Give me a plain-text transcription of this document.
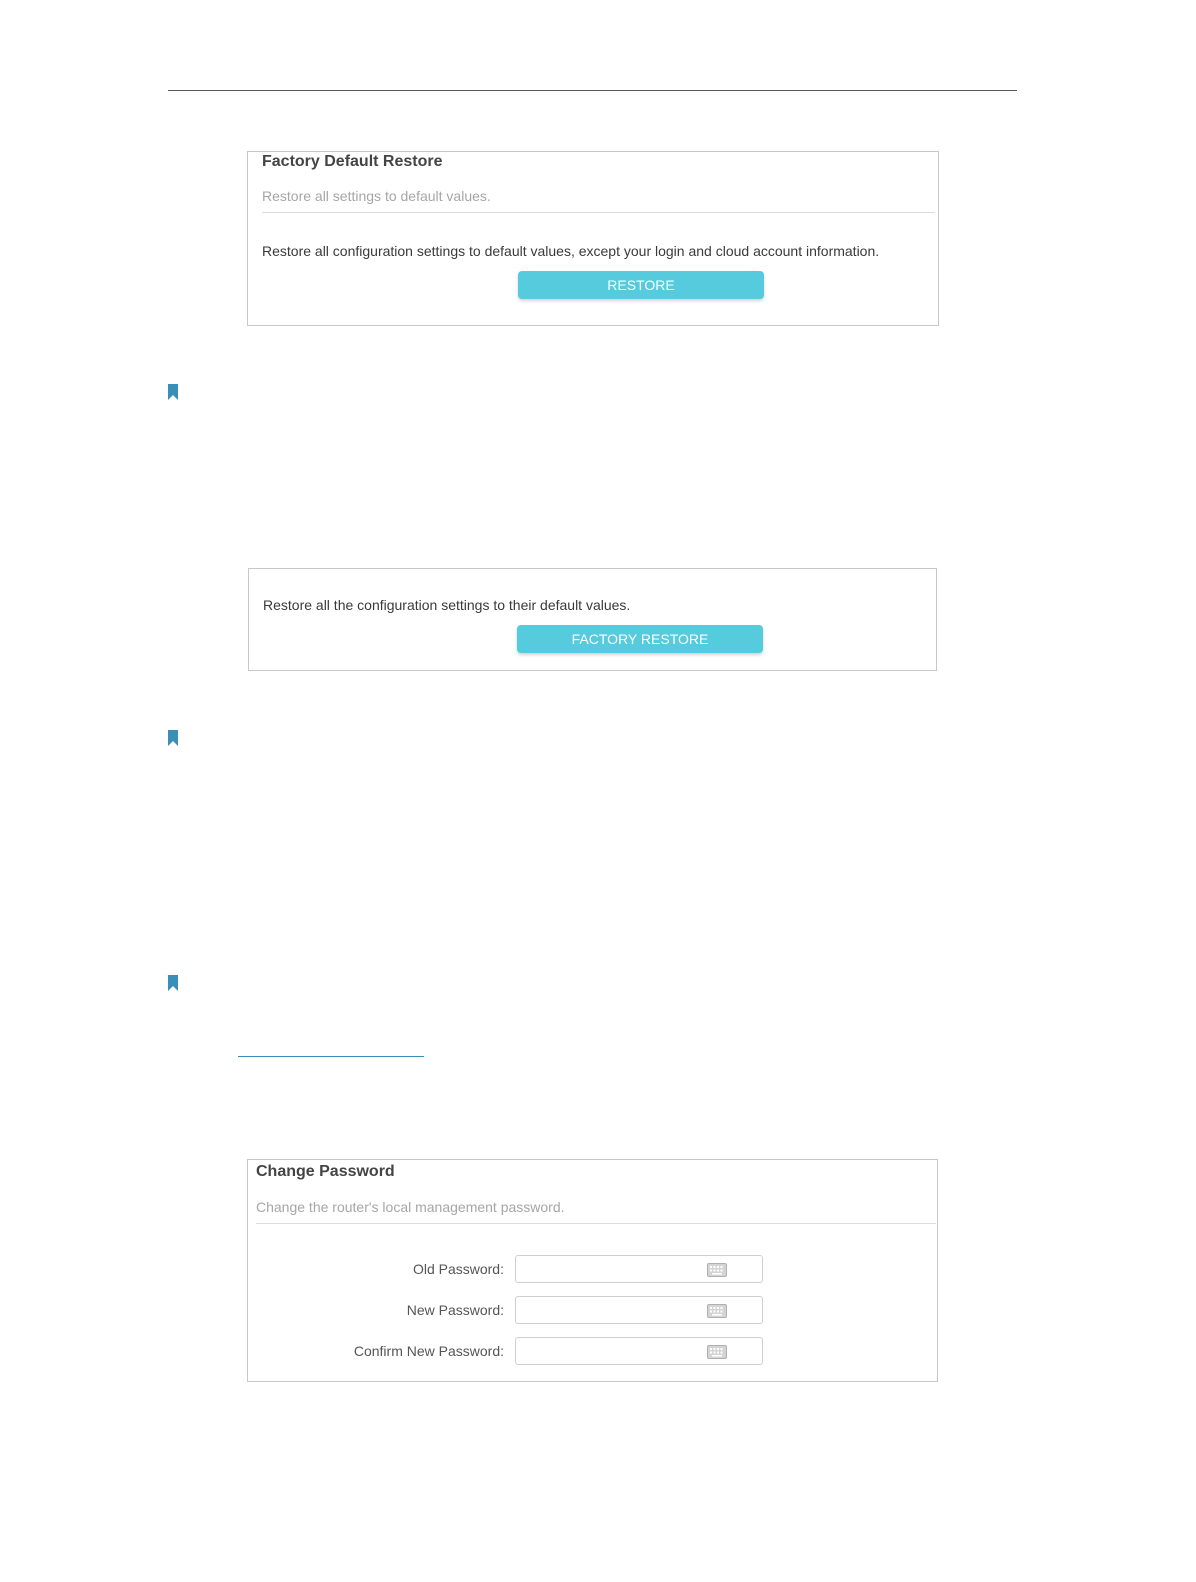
Factory Default Restore
Restore all settings to default values.
Restore all configuration settings to default values, except your login and cloud account information.
RESTORE
Restore all the configuration settings to their default values.
FACTORY RESTORE
Change Password
Change the router's local management password.
Old Password:
New Password:
Confirm New Password:
